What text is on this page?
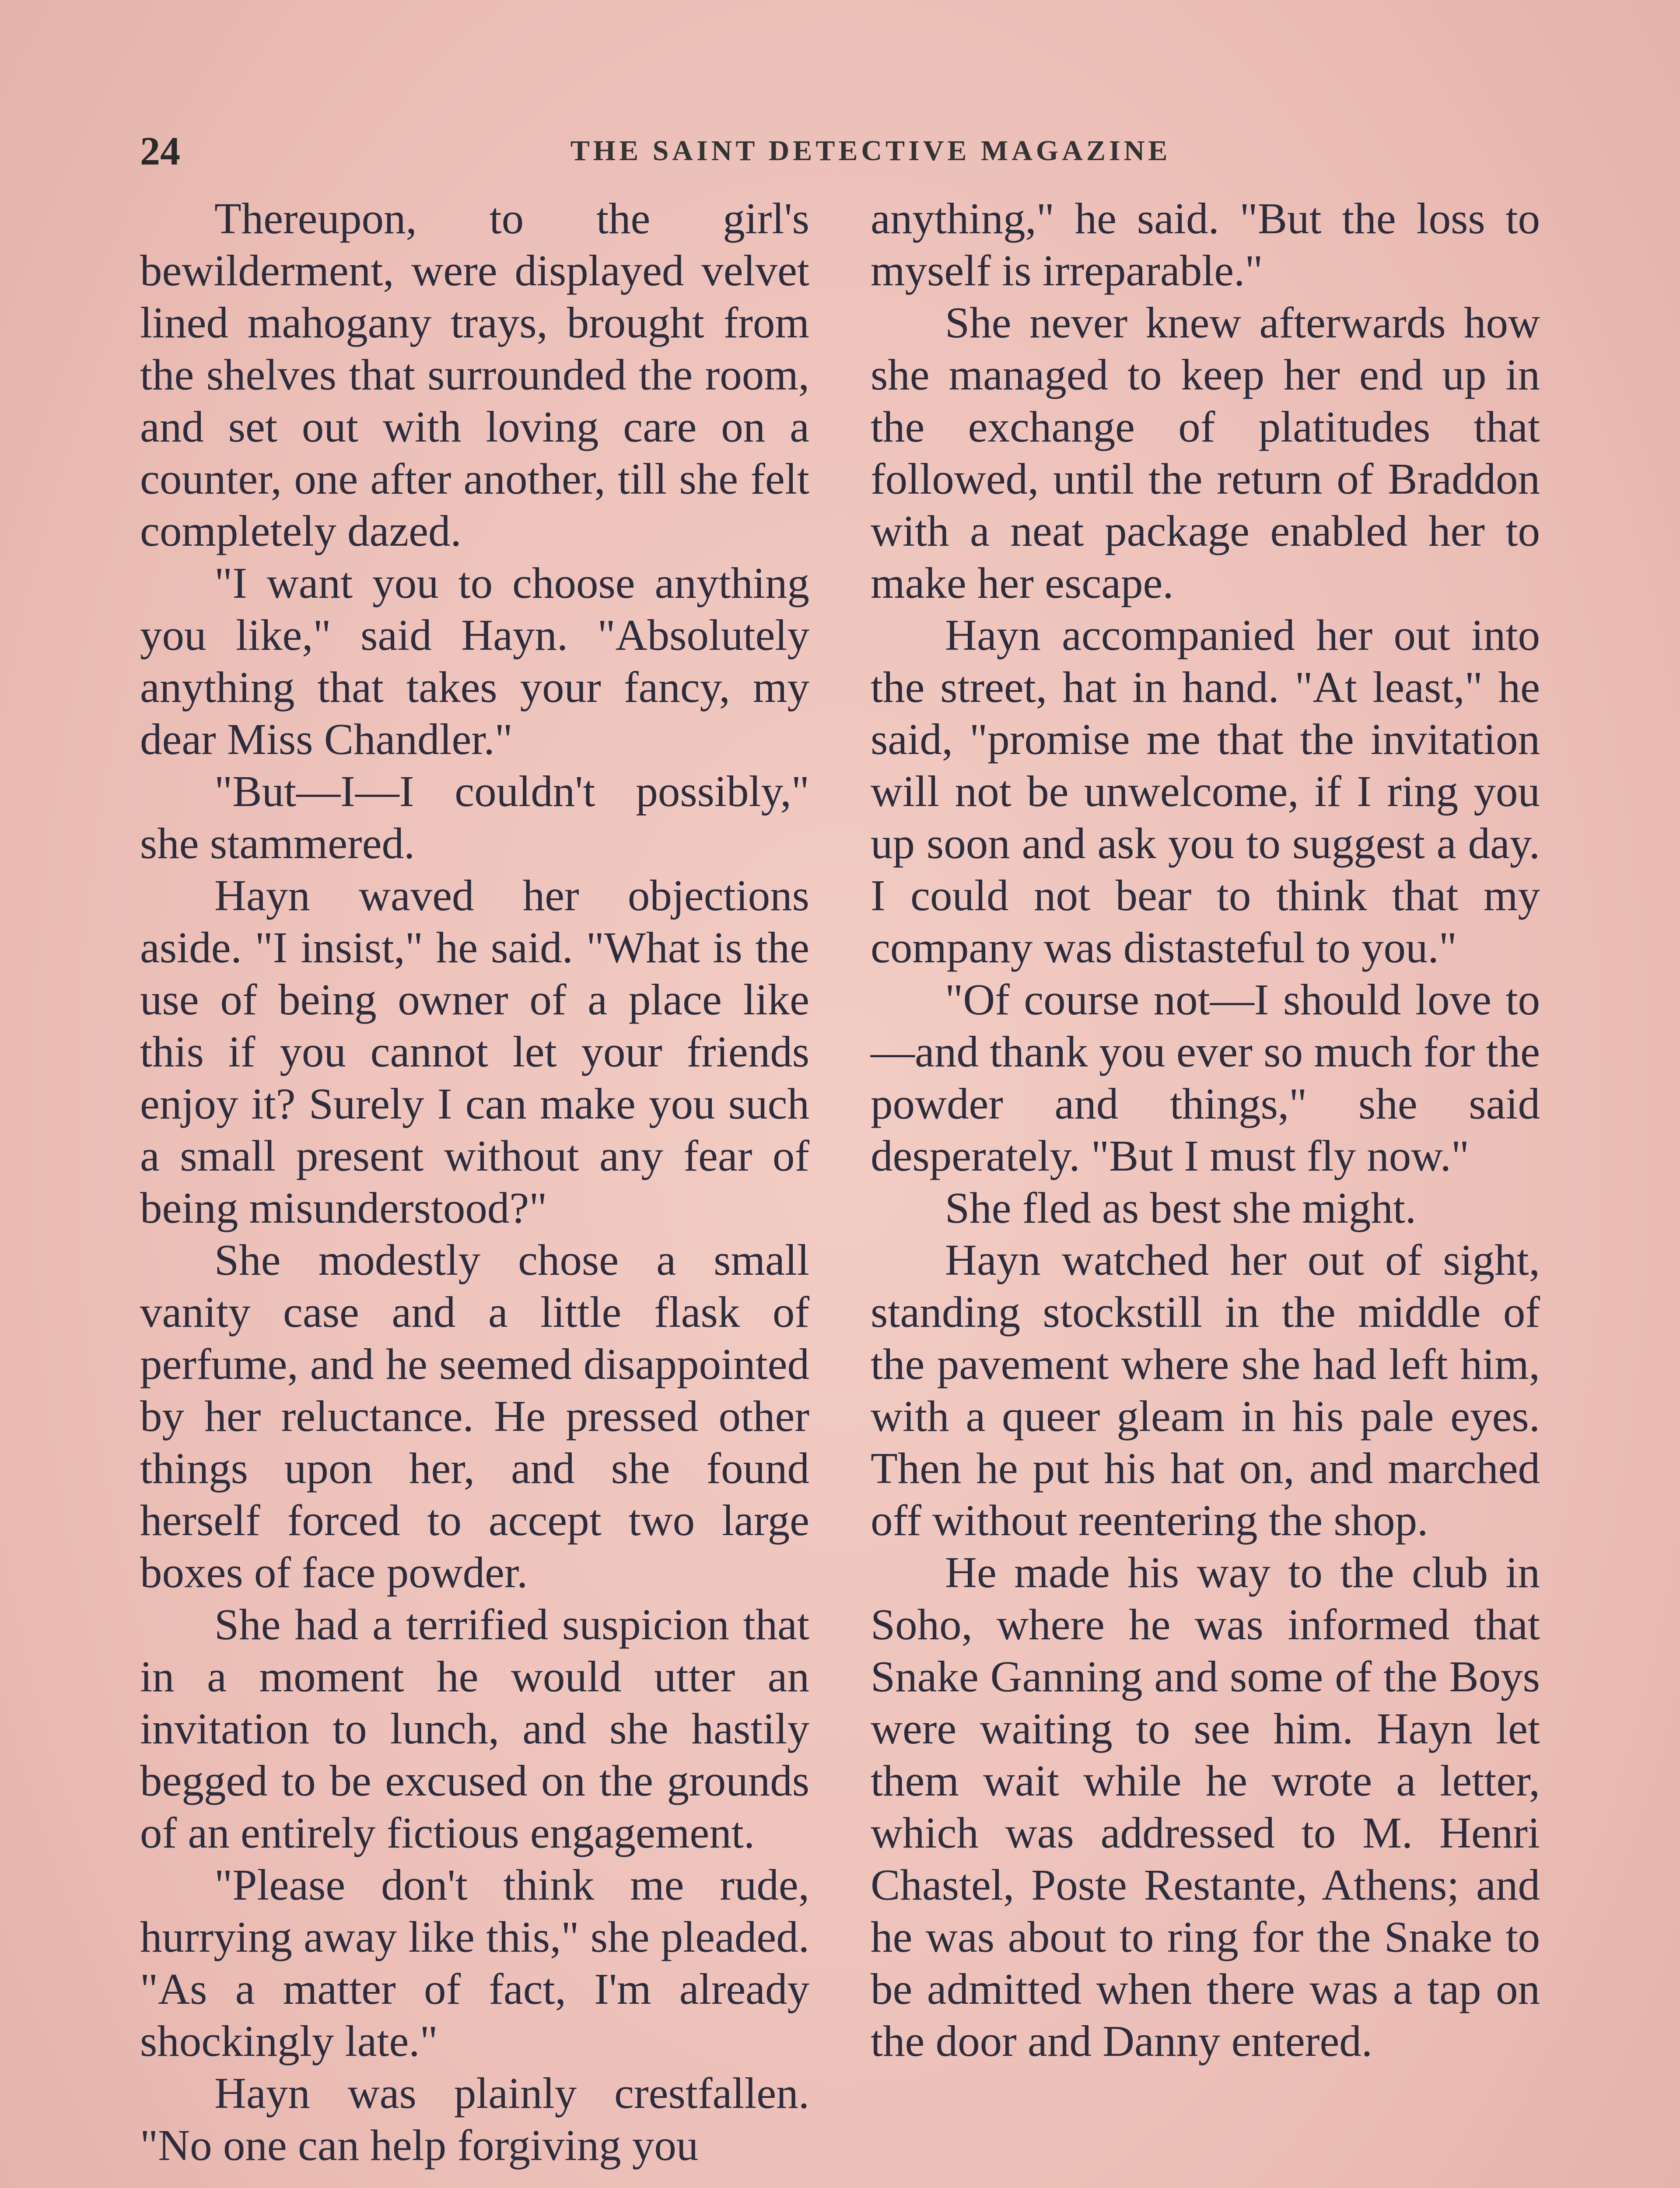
24	THE SAINT DETECTIVE MAGAZINE

Thereupon, to the girl's bewilderment, were displayed velvet lined mahogany trays, brought from the shelves that surrounded the room, and set out with loving care on a counter, one after another, till she felt completely dazed.

"I want you to choose anything you like," said Hayn. "Absolutely anything that takes your fancy, my dear Miss Chandler."

"But—I—I couldn't possibly," she stammered.

Hayn waved her objections aside. "I insist," he said. "What is the use of being owner of a place like this if you cannot let your friends enjoy it? Surely I can make you such a small present without any fear of being misunderstood?"

She modestly chose a small vanity case and a little flask of perfume, and he seemed disappointed by her reluctance. He pressed other things upon her, and she found herself forced to accept two large boxes of face powder.

She had a terrified suspicion that in a moment he would utter an invitation to lunch, and she hastily begged to be excused on the grounds of an entirely fictious engagement.

"Please don't think me rude, hurrying away like this," she pleaded. "As a matter of fact, I'm already shockingly late."

Hayn was plainly crestfallen. "No one can help forgiving you

anything," he said. "But the loss to myself is irreparable."

She never knew afterwards how she managed to keep her end up in the exchange of platitudes that followed, until the return of Braddon with a neat package enabled her to make her escape.

Hayn accompanied her out into the street, hat in hand. "At least," he said, "promise me that the invitation will not be unwelcome, if I ring you up soon and ask you to suggest a day. I could not bear to think that my company was distasteful to you."

"Of course not—I should love to—and thank you ever so much for the powder and things," she said desperately. "But I must fly now."

She fled as best she might.

Hayn watched her out of sight, standing stockstill in the middle of the pavement where she had left him, with a queer gleam in his pale eyes. Then he put his hat on, and marched off without reentering the shop.

He made his way to the club in Soho, where he was informed that Snake Ganning and some of the Boys were waiting to see him. Hayn let them wait while he wrote a letter, which was addressed to M. Henri Chastel, Poste Restante, Athens; and he was about to ring for the Snake to be admitted when there was a tap on the door and Danny entered.
